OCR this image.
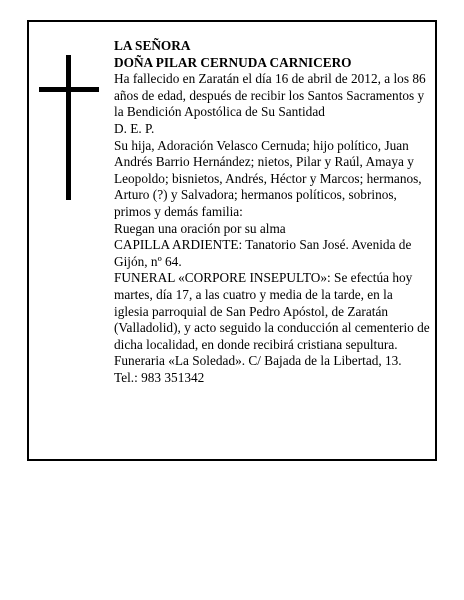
LA SEÑORA

DOÑA PILAR CERNUDA CARNICERO

Ha fallecido en Zaratán el día 16 de abril de 2012, a los 86 años de edad, después de recibir los Santos Sacramentos y la Bendición Apostólica de Su Santidad

D. E. P.

Su hija, Adoración Velasco Cernuda; hijo político, Juan Andrés Barrio Hernández; nietos, Pilar y Raúl, Amaya y Leopoldo; bisnietos, Andrés, Héctor y Marcos; hermanos, Arturo (?) y Salvadora; hermanos políticos, sobrinos, primos y demás familia:

Ruegan una oración por su alma

CAPILLA ARDIENTE: Tanatorio San José. Avenida de Gijón, nº 64.

FUNERAL «CORPORE INSEPULTO»: Se efectúa hoy martes, día 17, a las cuatro y media de la tarde, en la iglesia parroquial de San Pedro Apóstol, de Zaratán (Valladolid), y acto seguido la conducción al cementerio de dicha localidad, en donde recibirá cristiana sepultura.

Funeraria «La Soledad». C/ Bajada de la Libertad, 13.

Tel.: 983 351342
